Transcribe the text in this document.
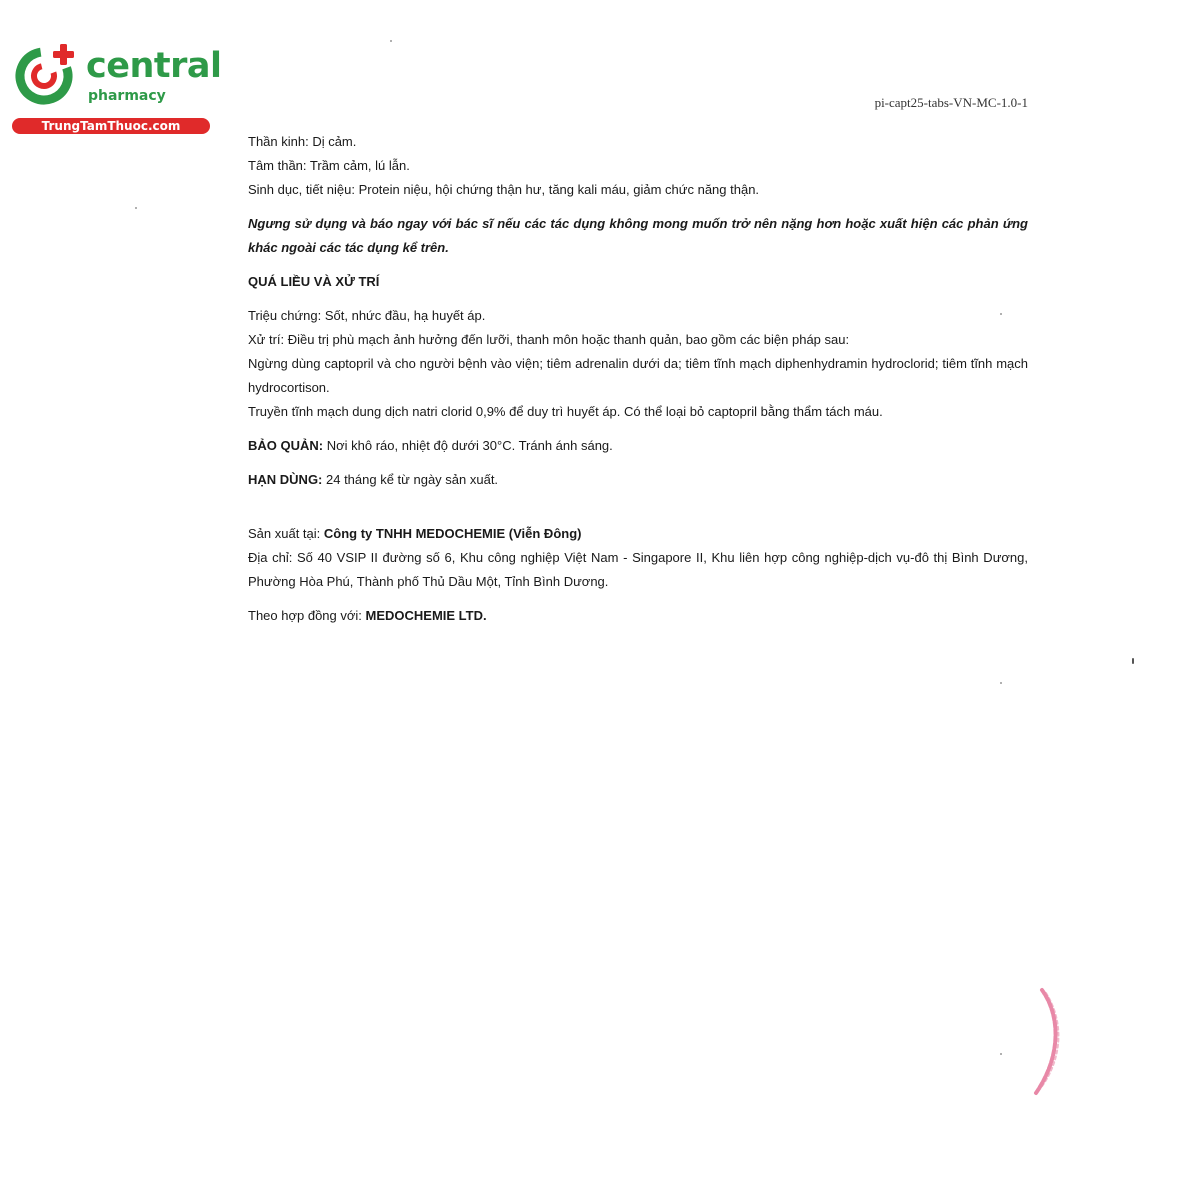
central
pharmacy
TrungTamThuoc.com
pi-capt25-tabs-VN-MC-1.0-1

Thần kinh: Dị cảm.

Tâm thần: Trầm cảm, lú lẫn.

Sinh dục, tiết niệu: Protein niệu, hội chứng thận hư, tăng kali máu, giảm chức năng thận.

Ngưng sử dụng và báo ngay với bác sĩ nếu các tác dụng không mong muốn trở nên nặng hơn hoặc xuất hiện các phản ứng khác ngoài các tác dụng kể trên.

QUÁ LIỀU VÀ XỬ TRÍ

Triệu chứng: Sốt, nhức đầu, hạ huyết áp.

Xử trí: Điều trị phù mạch ảnh hưởng đến lưỡi, thanh môn hoặc thanh quản, bao gồm các biện pháp sau:

Ngừng dùng captopril và cho người bệnh vào viện; tiêm adrenalin dưới da; tiêm tĩnh mạch diphenhydramin hydroclorid; tiêm tĩnh mạch hydrocortison.

Truyền tĩnh mạch dung dịch natri clorid 0,9% để duy trì huyết áp. Có thể loại bỏ captopril bằng thẩm tách máu.

BẢO QUẢN: Nơi khô ráo, nhiệt độ dưới 30°C. Tránh ánh sáng.

HẠN DÙNG: 24 tháng kể từ ngày sản xuất.

Sản xuất tại: Công ty TNHH MEDOCHEMIE (Viễn Đông)

Địa chỉ: Số 40 VSIP II đường số 6, Khu công nghiệp Việt Nam - Singapore II, Khu liên hợp công nghiệp-dịch vụ-đô thị Bình Dương, Phường Hòa Phú, Thành phố Thủ Dầu Một, Tỉnh Bình Dương.

Theo hợp đồng với: MEDOCHEMIE LTD.
